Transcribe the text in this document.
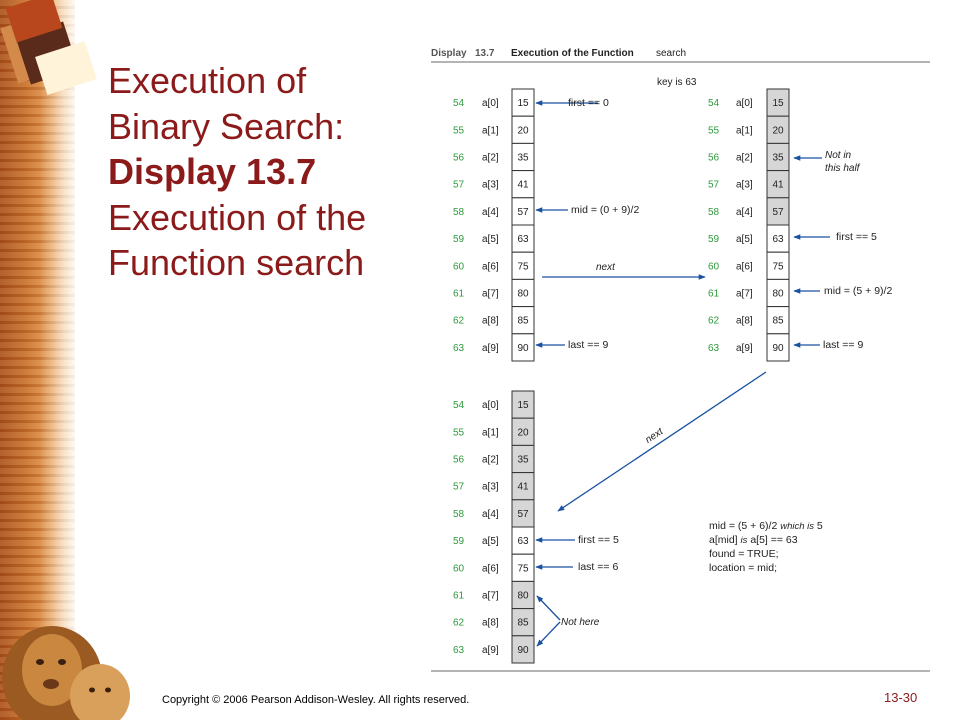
Execution of
Binary Search:
Display 13.7
Execution of the
Function search
Display 13.7 Execution of the Function search
key is 63
54 a[0] 15
55 a[1] 20
56 a[2] 35
57 a[3] 41
58 a[4] 57
59 a[5] 63
60 a[6] 75
61 a[7] 80
62 a[8] 85
63 a[9] 90
54 a[0] 15
55 a[1] 20
56 a[2] 35
57 a[3] 41
58 a[4] 57
59 a[5] 63
60 a[6] 75
61 a[7] 80
62 a[8] 85
63 a[9] 90
54 a[0] 15
55 a[1] 20
56 a[2] 35
57 a[3] 41
58 a[4] 57
59 a[5] 63
60 a[6] 75
61 a[7] 80
62 a[8] 85
63 a[9] 90
first == 0
mid = (0 + 9)/2
last == 9
next
Not in
this half
first == 5
mid = (5 + 9)/2
last == 9
next
first == 5
last == 6
Not here
mid = (5 + 6)/2 which is 5
a[mid] is a[5] == 63
found = TRUE;
location = mid;
Copyright © 2006 Pearson Addison-Wesley. All rights reserved.	13-30
